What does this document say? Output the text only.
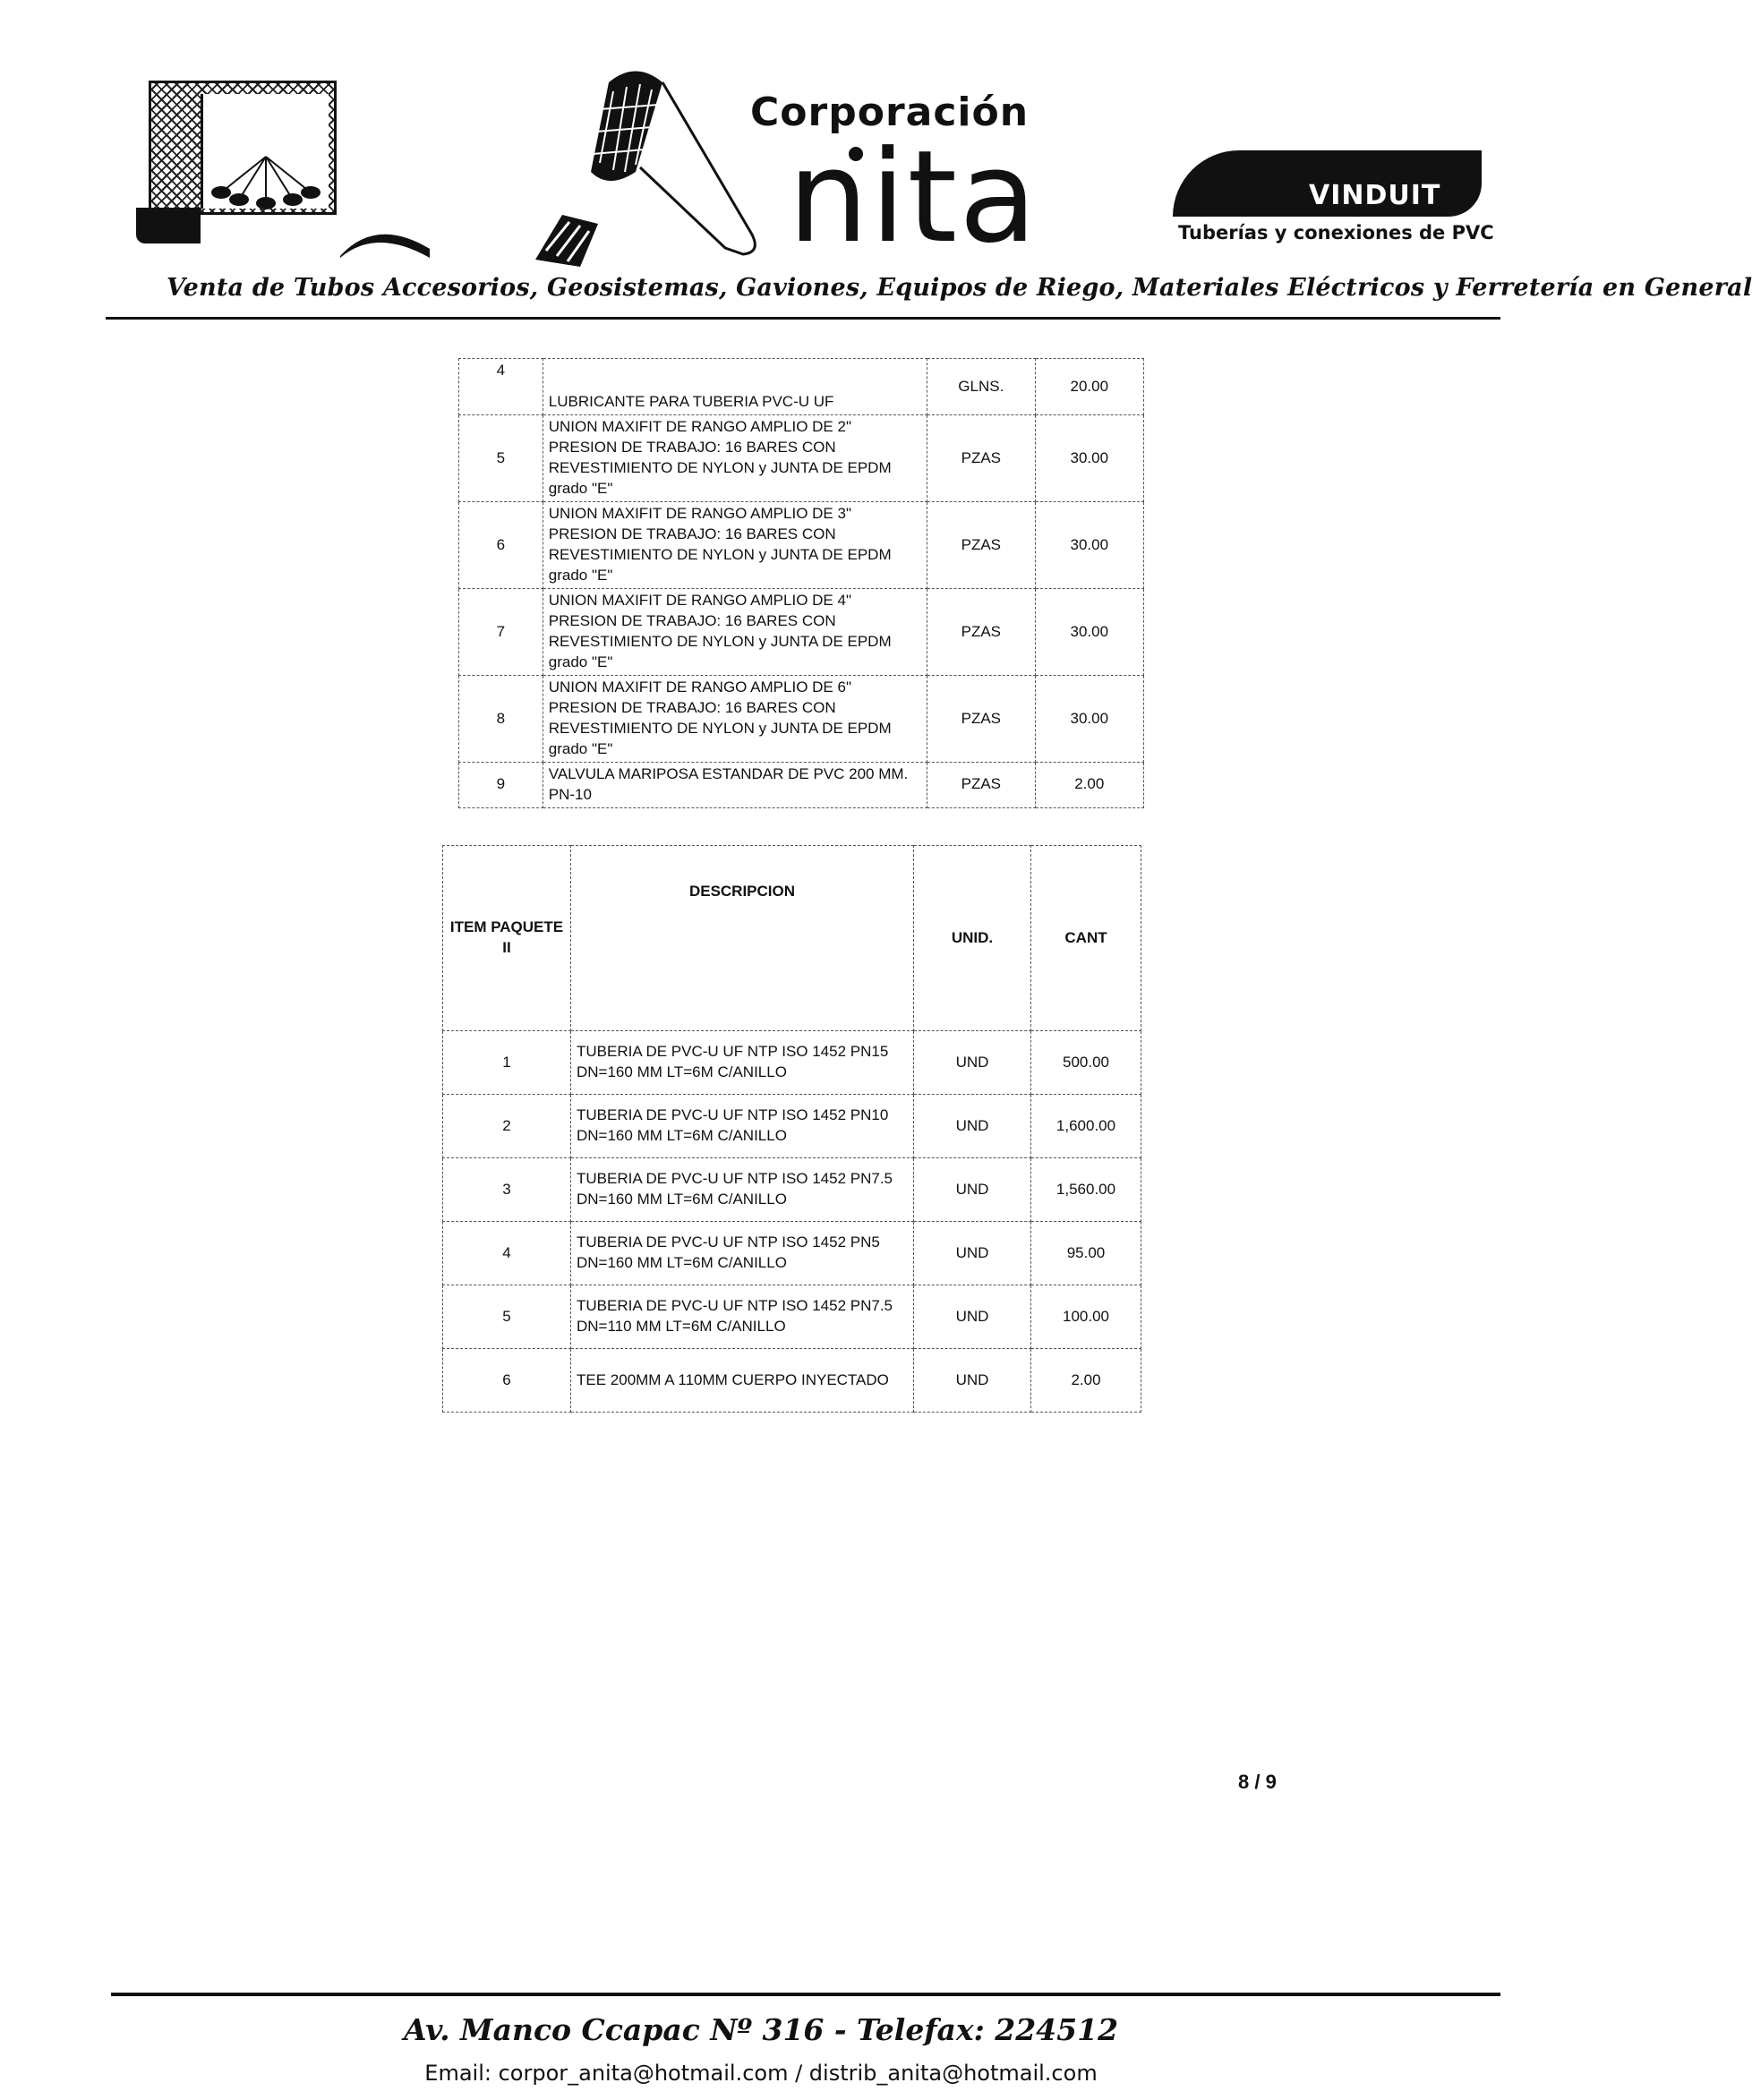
Corporación
nita	VINDUIT
Tuberías y conexiones de PVC
Venta de Tubos Accesorios, Geosistemas, Gaviones, Equipos de Riego, Materiales Eléctricos y Ferretería en General
4	LUBRICANTE PARA TUBERIA PVC-U UF	GLNS.	20.00
5	UNION MAXIFIT DE RANGO AMPLIO DE 2" PRESION DE TRABAJO: 16 BARES CON REVESTIMIENTO DE NYLON y JUNTA DE EPDM grado "E"	PZAS	30.00
6	UNION MAXIFIT DE RANGO AMPLIO DE 3" PRESION DE TRABAJO: 16 BARES CON REVESTIMIENTO DE NYLON y JUNTA DE EPDM grado "E"	PZAS	30.00
7	UNION MAXIFIT DE RANGO AMPLIO DE 4" PRESION DE TRABAJO: 16 BARES CON REVESTIMIENTO DE NYLON y JUNTA DE EPDM grado "E"	PZAS	30.00
8	UNION MAXIFIT DE RANGO AMPLIO DE 6" PRESION DE TRABAJO: 16 BARES CON REVESTIMIENTO DE NYLON y JUNTA DE EPDM grado "E"	PZAS	30.00
9	VALVULA MARIPOSA ESTANDAR DE PVC 200 MM. PN-10	PZAS	2.00
ITEM PAQUETE II	DESCRIPCION	UNID.	CANT
1	TUBERIA DE PVC-U UF NTP ISO 1452 PN15 DN=160 MM LT=6M C/ANILLO	UND	500.00
2	TUBERIA DE PVC-U UF NTP ISO 1452 PN10 DN=160 MM LT=6M C/ANILLO	UND	1,600.00
3	TUBERIA DE PVC-U UF NTP ISO 1452 PN7.5 DN=160 MM LT=6M C/ANILLO	UND	1,560.00
4	TUBERIA DE PVC-U UF NTP ISO 1452 PN5 DN=160 MM LT=6M C/ANILLO	UND	95.00
5	TUBERIA DE PVC-U UF NTP ISO 1452 PN7.5 DN=110 MM LT=6M C/ANILLO	UND	100.00
6	TEE 200MM A 110MM CUERPO INYECTADO	UND	2.00
8 / 9
Av. Manco Ccapac Nº 316 - Telefax: 224512
Email: corpor_anita@hotmail.com / distrib_anita@hotmail.com
